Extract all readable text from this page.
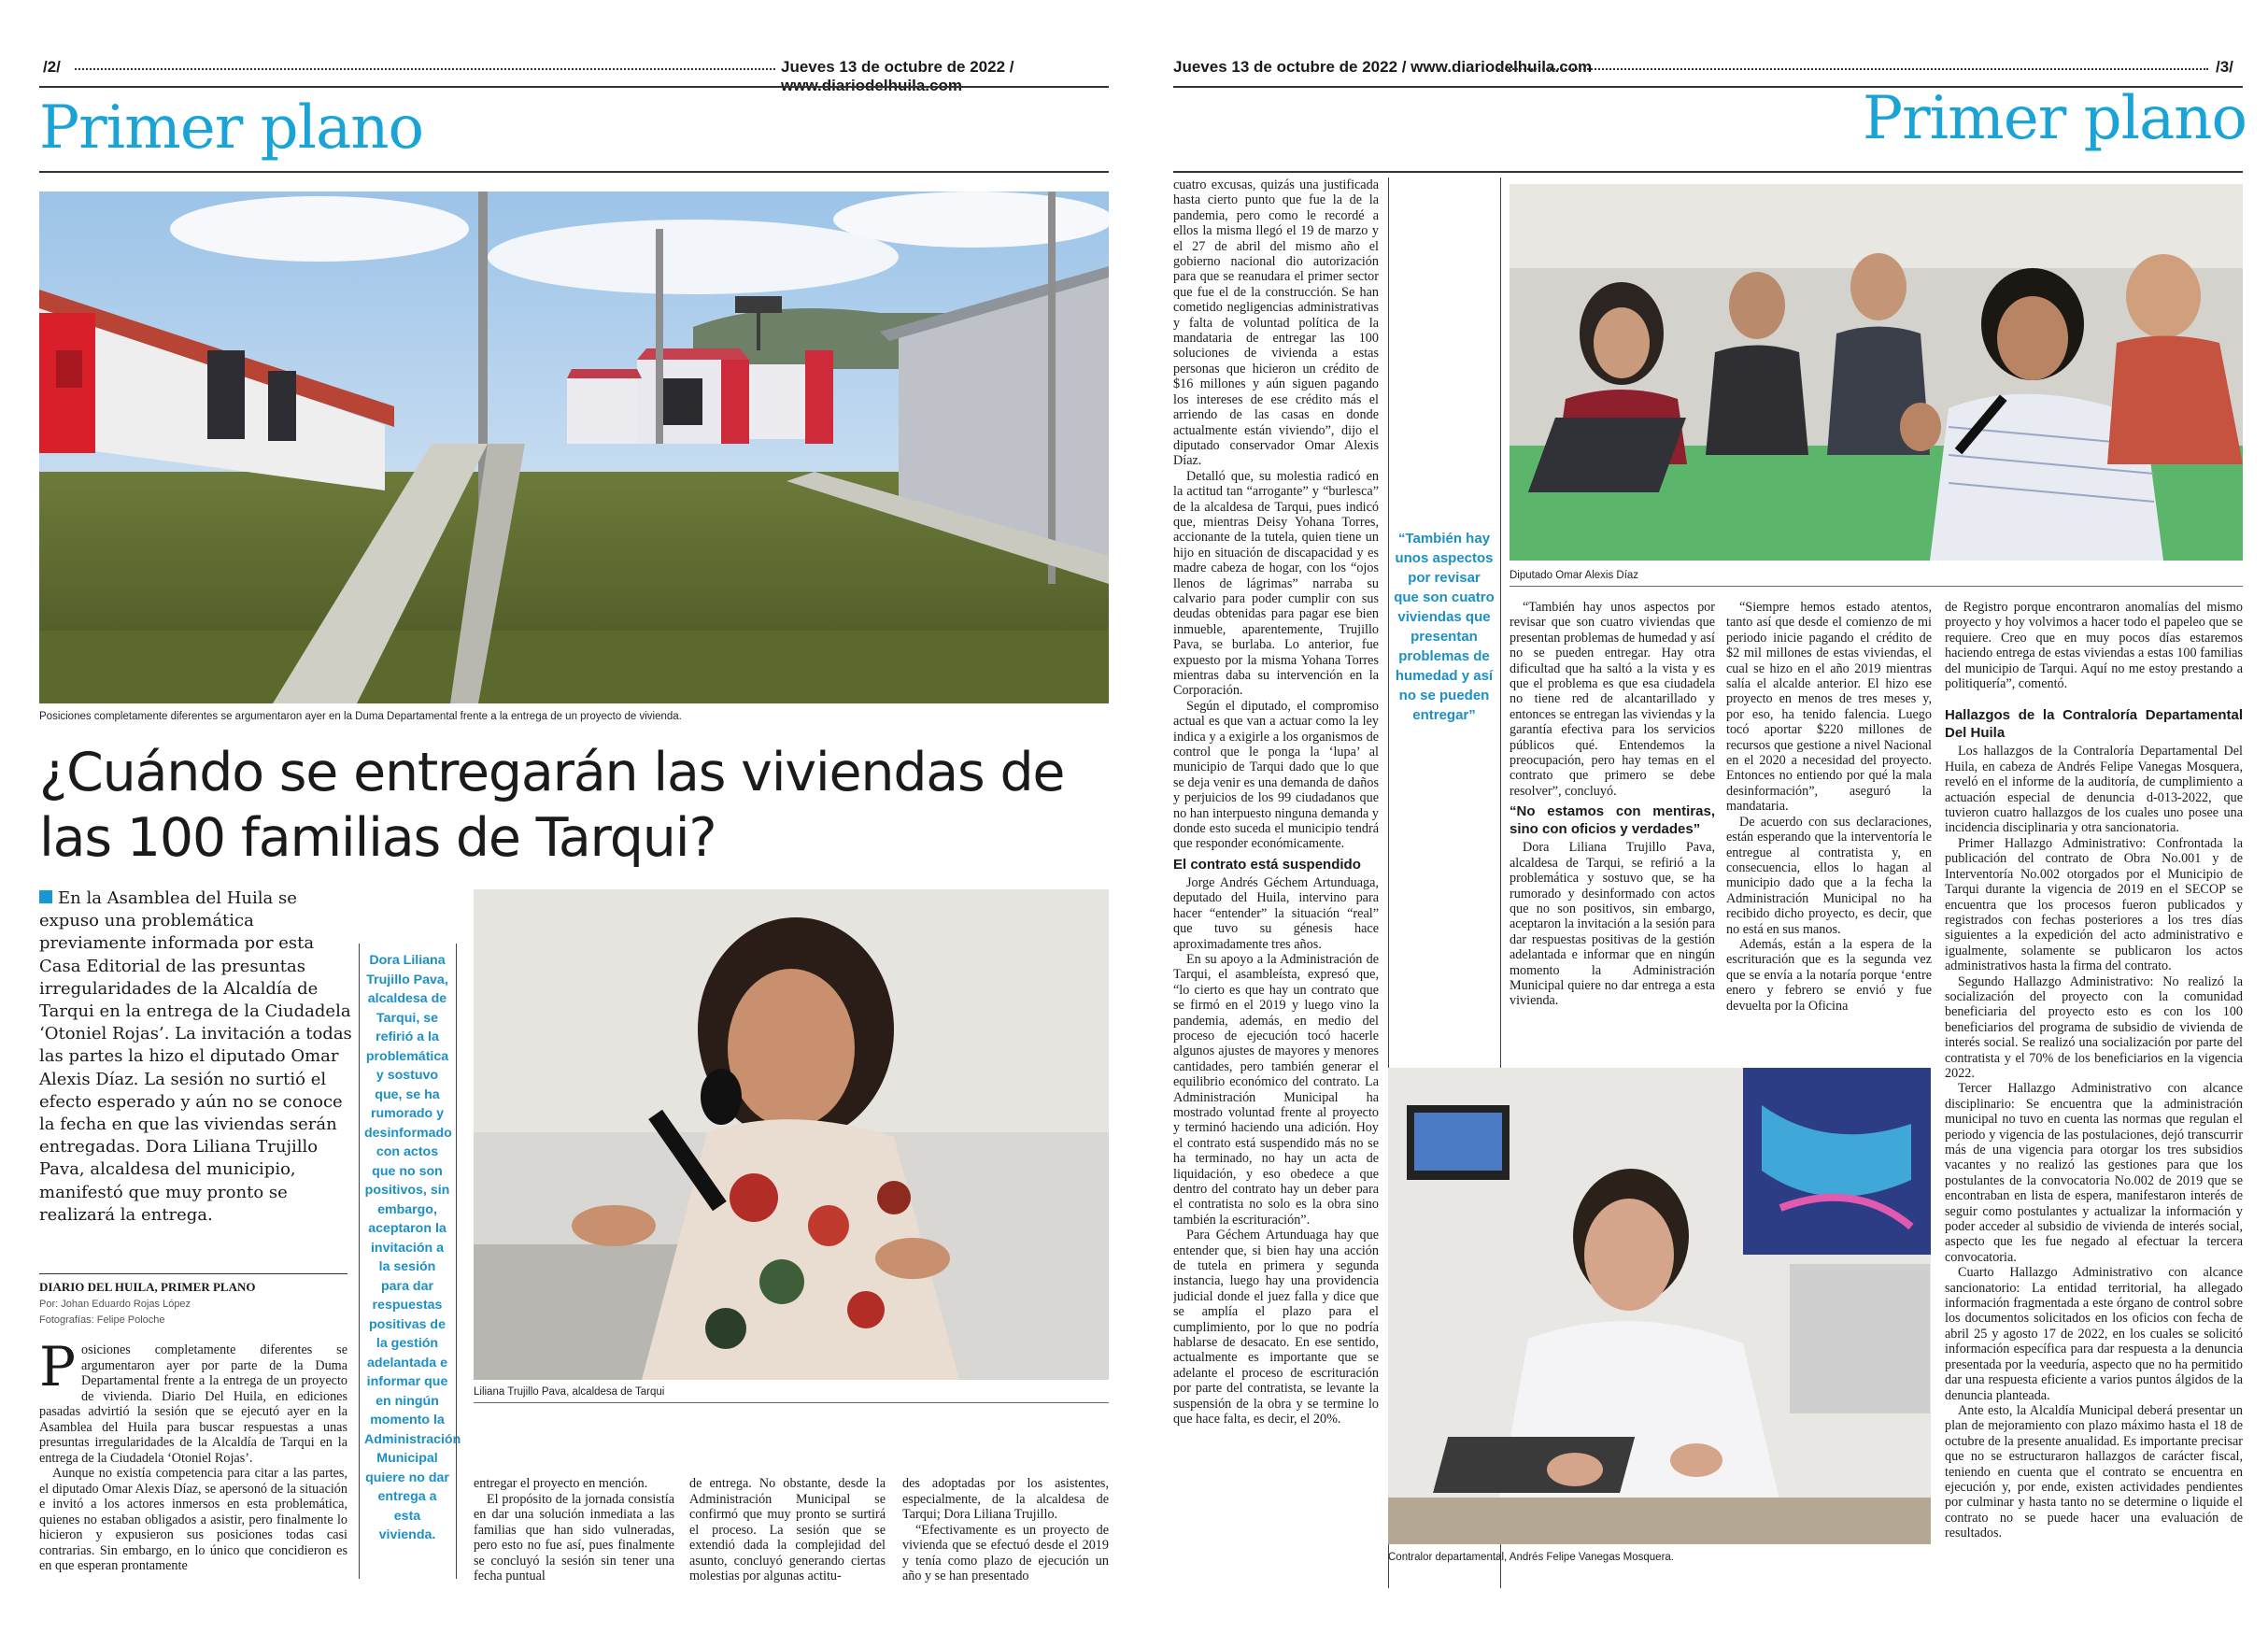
/2/	Jueves 13 de octubre de 2022 / www.diariodelhuila.com
Primer plano
Posiciones completamente diferentes se argumentaron ayer en la Duma Departamental frente a la entrega de un proyecto de vivienda.
¿Cuándo se entregarán las viviendas de las 100 familias de Tarqui?
En la Asamblea del Huila se expuso una problemática previamente informada por esta Casa Editorial de las presuntas irregularidades de la Alcaldía de Tarqui en la entrega de la Ciudadela ‘Otoniel Rojas’. La invitación a todas las partes la hizo el diputado Omar Alexis Díaz. La sesión no surtió el efecto esperado y aún no se conoce la fecha en que las viviendas serán entregadas. Dora Liliana Trujillo Pava, alcaldesa del municipio, manifestó que muy pronto se realizará la entrega.
DIARIO DEL HUILA, PRIMER PLANO
Por: Johan Eduardo Rojas López
Fotografías: Felipe Poloche
Dora Liliana Trujillo Pava, alcaldesa de Tarqui, se refirió a la problemática y sostuvo que, se ha rumorado y desinformado con actos que no son positivos, sin embargo, aceptaron la invitación a la sesión para dar respuestas positivas de la gestión adelantada e informar que en ningún momento la Administración Municipal quiere no dar entrega a esta vivienda.
Liliana Trujillo Pava, alcaldesa de Tarqui
P osiciones completamente diferentes se argumentaron ayer por parte de la Duma Departamental frente a la entrega de un proyecto de vivienda. Diario Del Huila, en ediciones pasadas advirtió la sesión que se ejecutó ayer en la Asamblea del Huila para buscar respuestas a unas presuntas irregularidades de la Alcaldía de Tarqui en la entrega de la Ciudadela ‘Otoniel Rojas’.

Aunque no existía competencia para citar a las partes, el diputado Omar Alexis Díaz, se apersonó de la situación e invitó a los actores inmersos en esta problemática, quienes no estaban obligados a asistir, pero finalmente lo hicieron y expusieron sus posiciones todas casi contrarias. Sin embargo, en lo único que concidieron es en que esperan prontamente

entregar el proyecto en mención.

El propósito de la jornada consistía en dar una solución inmediata a las familias que han sido vulneradas, pero esto no fue así, pues finalmente se concluyó la sesión sin tener una fecha puntual

de entrega. No obstante, desde la Administración Municipal se confirmó que muy pronto se surtirá el proceso. La sesión que se extendió dada la complejidad del asunto, concluyó generando ciertas molestias por algunas actitu-

des adoptadas por los asistentes, especialmente, de la alcaldesa de Tarqui; Dora Liliana Trujillo.

“Efectivamente es un proyecto de vivienda que se efectuó desde el 2019 y tenía como plazo de ejecución un año y se han presentado

Jueves 13 de octubre de 2022 / www.diariodelhuila.com	/3/
Primer plano

cuatro excusas, quizás una justificada hasta cierto punto que fue la de la pandemia, pero como le recordé a ellos la misma llegó el 19 de marzo y el 27 de abril del mismo año el gobierno nacional dio autorización para que se reanudara el primer sector que fue el de la construcción. Se han cometido negligencias administrativas y falta de voluntad política de la mandataria de entregar las 100 soluciones de vivienda a estas personas que hicieron un crédito de $16 millones y aún siguen pagando los intereses de ese crédito más el arriendo de las casas en donde actualmente están viviendo”, dijo el diputado conservador Omar Alexis Díaz.

Detalló que, su molestia radicó en la actitud tan “arrogante” y “burlesca” de la alcaldesa de Tarqui, pues indicó que, mientras Deisy Yohana Torres, accionante de la tutela, quien tiene un hijo en situación de discapacidad y es madre cabeza de hogar, con los “ojos llenos de lágrimas” narraba su calvario para poder cumplir con sus deudas obtenidas para pagar ese bien inmueble, aparentemente, Trujillo Pava, se burlaba. Lo anterior, fue expuesto por la misma Yohana Torres mientras daba su intervención en la Corporación.

Según el diputado, el compromiso actual es que van a actuar como la ley indica y a exigirle a los organismos de control que le ponga la ‘lupa’ al municipio de Tarqui dado que lo que se deja venir es una demanda de daños y perjuicios de los 99 ciudadanos que no han interpuesto ninguna demanda y donde esto suceda el municipio tendrá que responder económicamente.

El contrato está suspendido

Jorge Andrés Géchem Artunduaga, deputado del Huila, intervino para hacer “entender” la situación “real” que tuvo su génesis hace aproximadamente tres años.

En su apoyo a la Administración de Tarqui, el asambleísta, expresó que, “lo cierto es que hay un contrato que se firmó en el 2019 y luego vino la pandemia, además, en medio del proceso de ejecución tocó hacerle algunos ajustes de mayores y menores cantidades, pero también generar el equilibrio económico del contrato. La Administración Municipal ha mostrado voluntad frente al proyecto y terminó haciendo una adición. Hoy el contrato está suspendido más no se ha terminado, no hay un acta de liquidación, y eso obedece a que dentro del contrato hay un deber para el contratista no solo es la obra sino también la escrituración”.

Para Géchem Artunduaga hay que entender que, si bien hay una acción de tutela en primera y segunda instancia, luego hay una providencia judicial donde el juez falla y dice que se amplía el plazo para el cumplimiento, por lo que no podría hablarse de desacato. En ese sentido, actualmente es importante que se adelante el proceso de escrituración por parte del contratista, se levante la suspensión de la obra y se termine lo que hace falta, es decir, el 20%.

“También hay unos aspectos por revisar que son cuatro viviendas que presentan problemas de humedad y así no se pueden entregar”
Diputado Omar Alexis Díaz

“También hay unos aspectos por revisar que son cuatro viviendas que presentan problemas de humedad y así no se pueden entregar. Hay otra dificultad que ha saltó a la vista y es que el problema es que esa ciudadela no tiene red de alcantarillado y entonces se entregan las viviendas y la garantía efectiva para los servicios públicos qué. Entendemos la preocupación, pero hay temas en el contrato que primero se debe resolver”, concluyó.

“No estamos con mentiras, sino con oficios y verdades”

Dora Liliana Trujillo Pava, alcaldesa de Tarqui, se refirió a la problemática y sostuvo que, se ha rumorado y desinformado con actos que no son positivos, sin embargo, aceptaron la invitación a la sesión para dar respuestas positivas de la gestión adelantada e informar que en ningún momento la Administración Municipal quiere no dar entrega a esta vivienda.

“Siempre hemos estado atentos, tanto así que desde el comienzo de mi periodo inicie pagando el crédito de $2 mil millones de estas viviendas, el cual se hizo en el año 2019 mientras salía el alcalde anterior. El hizo ese proyecto en menos de tres meses y, por eso, ha tenido falencia. Luego tocó aportar $220 millones de recursos que gestione a nivel Nacional en el 2020 a necesidad del proyecto. Entonces no entiendo por qué la mala desinformación”, aseguró la mandataria.

De acuerdo con sus declaraciones, están esperando que la interventoría le entregue al contratista y, en consecuencia, ellos lo hagan al municipio dado que a la fecha la Administración Municipal no ha recibido dicho proyecto, es decir, que no está en sus manos.

Además, están a la espera de la escrituración que es la segunda vez que se envía a la notaría porque ‘entre enero y febrero se envió y fue devuelta por la Oficina

Contralor departamental, Andrés Felipe Vanegas Mosquera.

de Registro porque encontraron anomalías del mismo proyecto y hoy volvimos a hacer todo el papeleo que se requiere. Creo que en muy pocos días estaremos haciendo entrega de estas viviendas a estas 100 familias del municipio de Tarqui. Aquí no me estoy prestando a politiquería”, comentó.

Hallazgos de la Contraloría Departamental Del Huila

Los hallazgos de la Contraloría Departamental Del Huila, en cabeza de Andrés Felipe Vanegas Mosquera, reveló en el informe de la auditoría, de cumplimiento a actuación especial de denuncia d-013-2022, que tuvieron cuatro hallazgos de los cuales uno posee una incidencia disciplinaria y otra sancionatoria.

Primer Hallazgo Administrativo: Confrontada la publicación del contrato de Obra No.001 y de Interventoría No.002 otorgados por el Municipio de Tarqui durante la vigencia de 2019 en el SECOP se encuentra que los procesos fueron publicados y registrados con fechas posteriores a los tres días siguientes a la expedición del acto administrativo e igualmente, solamente se publicaron los actos administrativos hasta la firma del contrato.

Segundo Hallazgo Administrativo: No realizó la socialización del proyecto con la comunidad beneficiaria del proyecto esto es con los 100 beneficiarios del programa de subsidio de vivienda de interés social. Se realizó una socialización por parte del contratista y el 70% de los beneficiarios en la vigencia 2022.

Tercer Hallazgo Administrativo con alcance disciplinario: Se encuentra que la administración municipal no tuvo en cuenta las normas que regulan el periodo y vigencia de las postulaciones, dejó transcurrir más de una vigencia para otorgar los tres subsidios vacantes y no realizó las gestiones para que los postulantes de la convocatoria No.002 de 2019 que se encontraban en lista de espera, manifestaron interés de seguir como postulantes y actualizar la información y poder acceder al subsidio de vivienda de interés social, aspecto que les fue negado al efectuar la tercera convocatoria.

Cuarto Hallazgo Administrativo con alcance sancionatorio: La entidad territorial, ha allegado información fragmentada a este órgano de control sobre los documentos solicitados en los oficios con fecha de abril 25 y agosto 17 de 2022, en los cuales se solicitó información específica para dar respuesta a la denuncia presentada por la veeduría, aspecto que no ha permitido dar una respuesta eficiente a varios puntos álgidos de la denuncia planteada.

Ante esto, la Alcaldía Municipal deberá presentar un plan de mejoramiento con plazo máximo hasta el 18 de octubre de la presente anualidad. Es importante precisar que no se estructuraron hallazgos de carácter fiscal, teniendo en cuenta que el contrato se encuentra en ejecución y, por ende, existen actividades pendientes por culminar y hasta tanto no se determine o liquide el contrato no se puede hacer una evaluación de resultados.
